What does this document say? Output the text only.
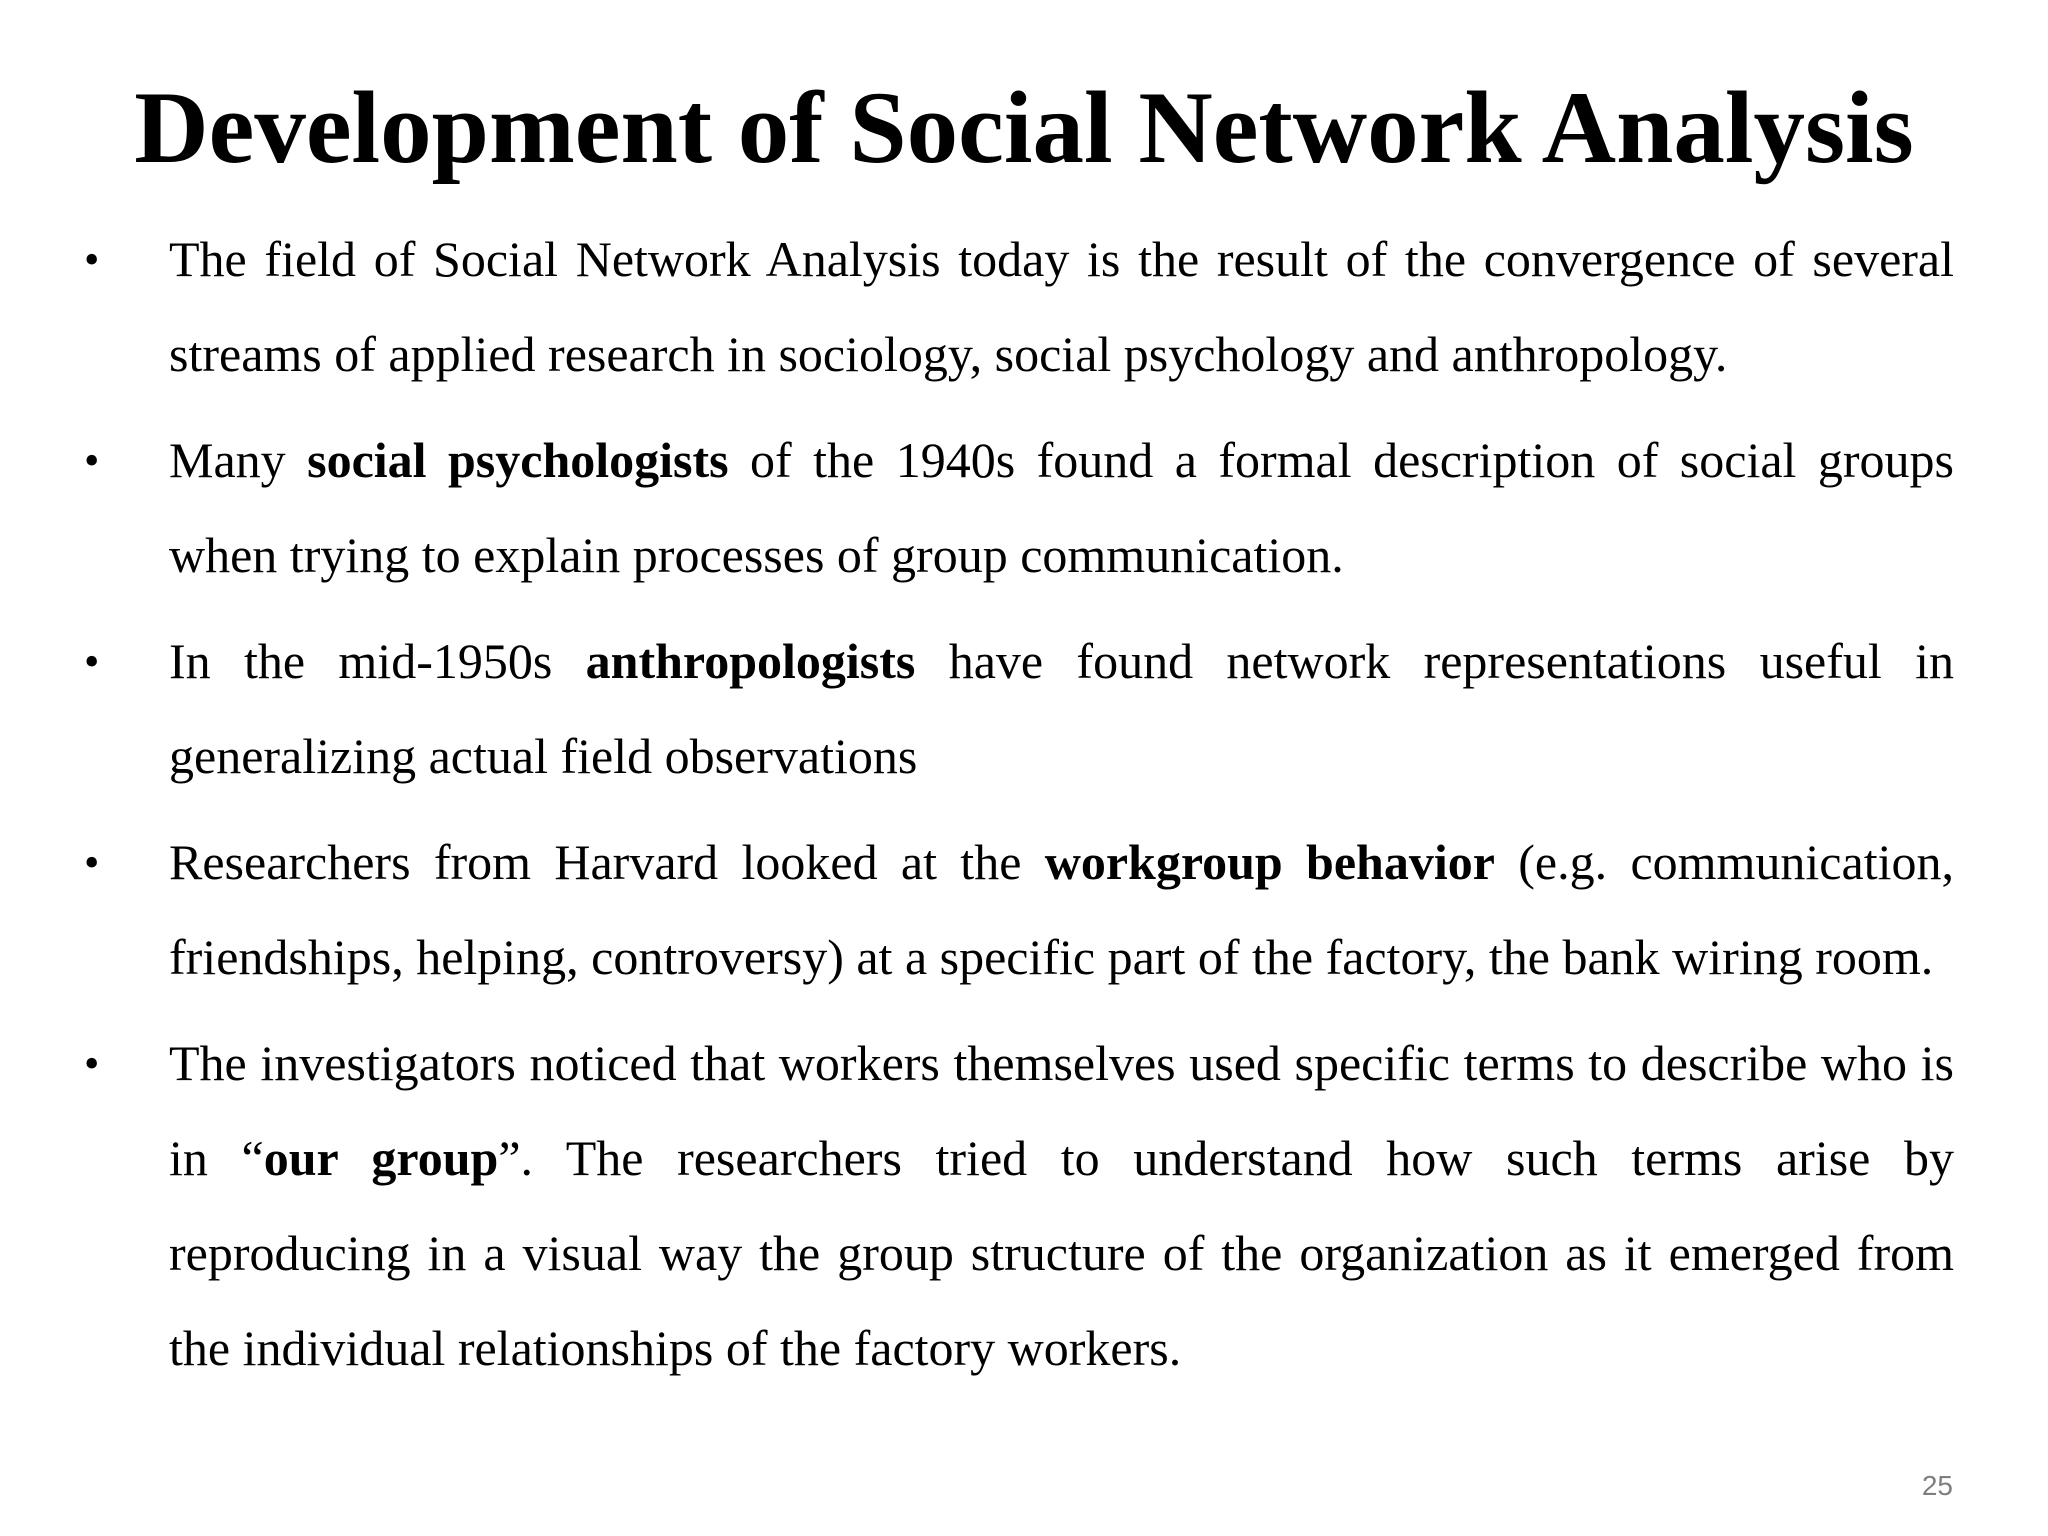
Development of Social Network Analysis
• The field of Social Network Analysis today is the result of the convergence of several streams of applied research in sociology, social psychology and anthropology.
• Many social psychologists of the 1940s found a formal description of social groups when trying to explain processes of group communication.
• In the mid-1950s anthropologists have found network representations useful in generalizing actual field observations
• Researchers from Harvard looked at the workgroup behavior (e.g. communication, friendships, helping, controversy) at a specific part of the factory, the bank wiring room.
• The investigators noticed that workers themselves used specific terms to describe who is in “our group”. The researchers tried to understand how such terms arise by reproducing in a visual way the group structure of the organization as it emerged from the individual relationships of the factory workers.
25
